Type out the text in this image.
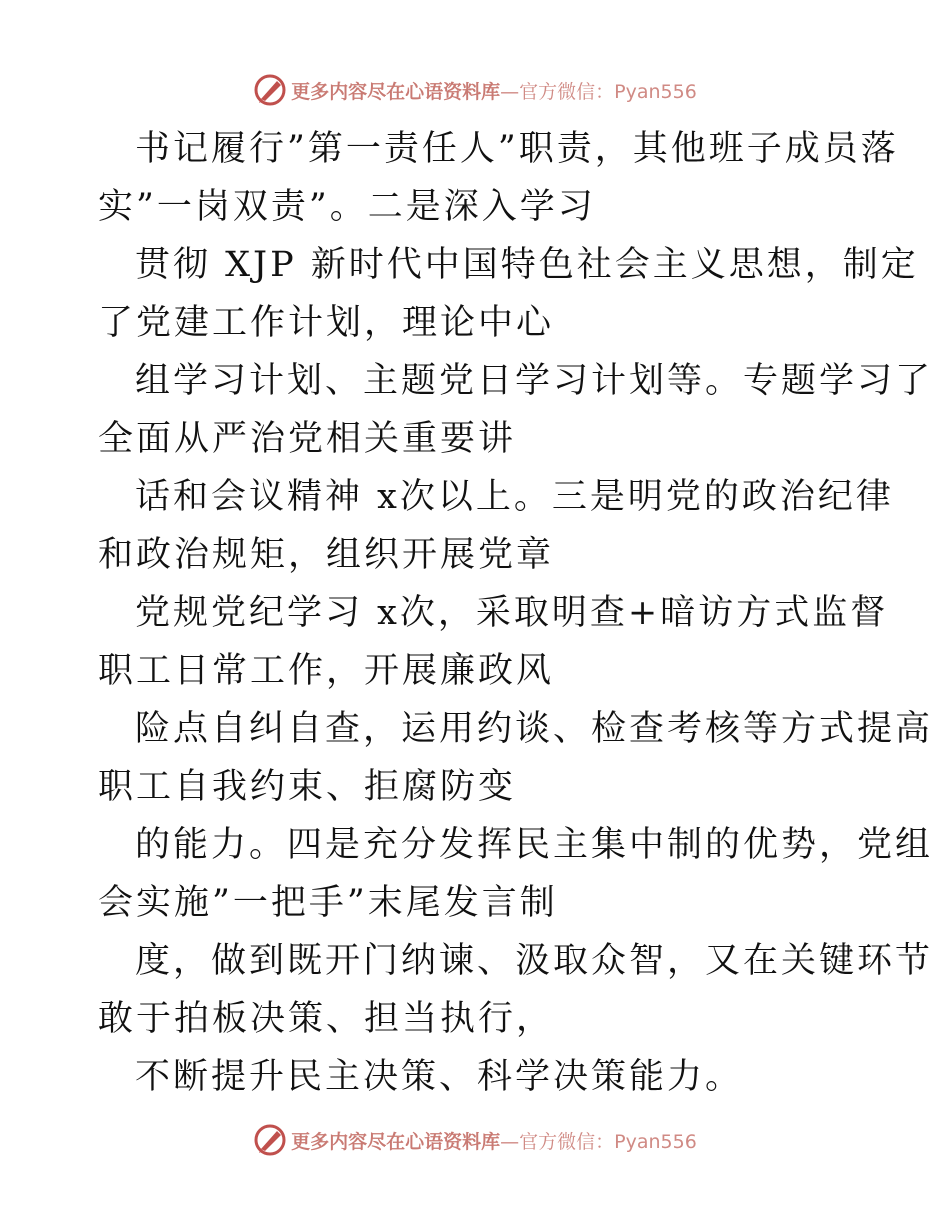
更多内容尽在心语资料库—官方微信：Pyan556
书记履行”第一责任人”职责，其他班子成员落
实”一岗双责”。二是深入学习
贯彻 XJP 新时代中国特色社会主义思想，制定
了党建工作计划，理论中心
组学习计划、主题党日学习计划等。专题学习了
全面从严治党相关重要讲
话和会议精神 x次以上。三是明党的政治纪律
和政治规矩，组织开展党章
党规党纪学习 x次，采取明查+暗访方式监督
职工日常工作，开展廉政风
险点自纠自查，运用约谈、检查考核等方式提高
职工自我约束、拒腐防变
的能力。四是充分发挥民主集中制的优势，党组
会实施”一把手”末尾发言制
度，做到既开门纳谏、汲取众智，又在关键环节
敢于拍板决策、担当执行，
不断提升民主决策、科学决策能力。
更多内容尽在心语资料库—官方微信：Pyan556
